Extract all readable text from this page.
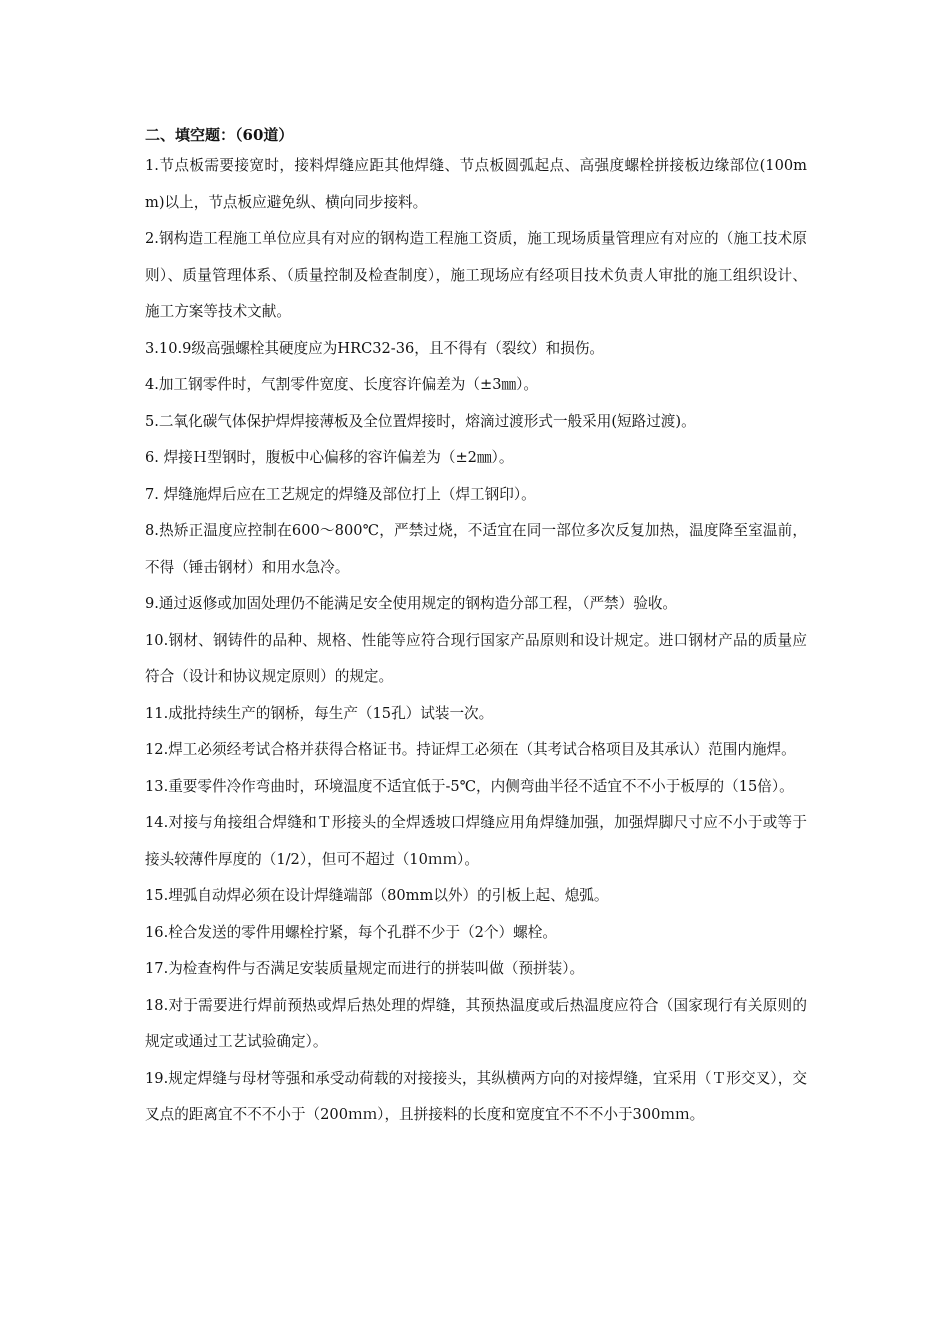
二、填空题：（60道）

1.节点板需要接宽时，接料焊缝应距其他焊缝、节点板圆弧起点、高强度螺栓拼接板边缘部位(100mm)以上，节点板应避免纵、横向同步接料。

2.钢构造工程施工单位应具有对应的钢构造工程施工资质，施工现场质量管理应有对应的（施工技术原则）、质量管理体系、（质量控制及检查制度），施工现场应有经项目技术负责人审批的施工组织设计、施工方案等技术文献。

3.10.9级高强螺栓其硬度应为HRC32-36，且不得有（裂纹）和损伤。

4.加工钢零件时，气割零件宽度、长度容许偏差为（±3㎜）。

5.二氧化碳气体保护焊焊接薄板及全位置焊接时，熔滴过渡形式一般采用(短路过渡)。

6. 焊接Ｈ型钢时，腹板中心偏移的容许偏差为（±2㎜）。

7. 焊缝施焊后应在工艺规定的焊缝及部位打上（焊工钢印）。

8.热矫正温度应控制在600～800℃，严禁过烧，不适宜在同一部位多次反复加热，温度降至室温前，不得（锤击钢材）和用水急冷。

9.通过返修或加固处理仍不能满足安全使用规定的钢构造分部工程，（严禁）验收。

10.钢材、钢铸件的品种、规格、性能等应符合现行国家产品原则和设计规定。进口钢材产品的质量应符合（设计和协议规定原则）的规定。

11.成批持续生产的钢桥，每生产（15孔）试装一次。

12.焊工必须经考试合格并获得合格证书。持证焊工必须在（其考试合格项目及其承认）范围内施焊。

13.重要零件冷作弯曲时，环境温度不适宜低于-5℃，内侧弯曲半径不适宜不不小于板厚的（15倍）。

14.对接与角接组合焊缝和Ｔ形接头的全焊透坡口焊缝应用角焊缝加强，加强焊脚尺寸应不小于或等于接头较薄件厚度的（1/2），但可不超过（10ｍｍ）。

15.埋弧自动焊必须在设计焊缝端部（80mm以外）的引板上起、熄弧。

16.栓合发送的零件用螺栓拧紧，每个孔群不少于（2个）螺栓。

17.为检查构件与否满足安装质量规定而进行的拼装叫做（预拼装）。

18.对于需要进行焊前预热或焊后热处理的焊缝，其预热温度或后热温度应符合（国家现行有关原则的规定或通过工艺试验确定）。

19.规定焊缝与母材等强和承受动荷载的对接接头，其纵横两方向的对接焊缝，宜采用（Ｔ形交叉），交叉点的距离宜不不不小于（200ｍｍ），且拼接料的长度和宽度宜不不不小于300ｍｍ。
